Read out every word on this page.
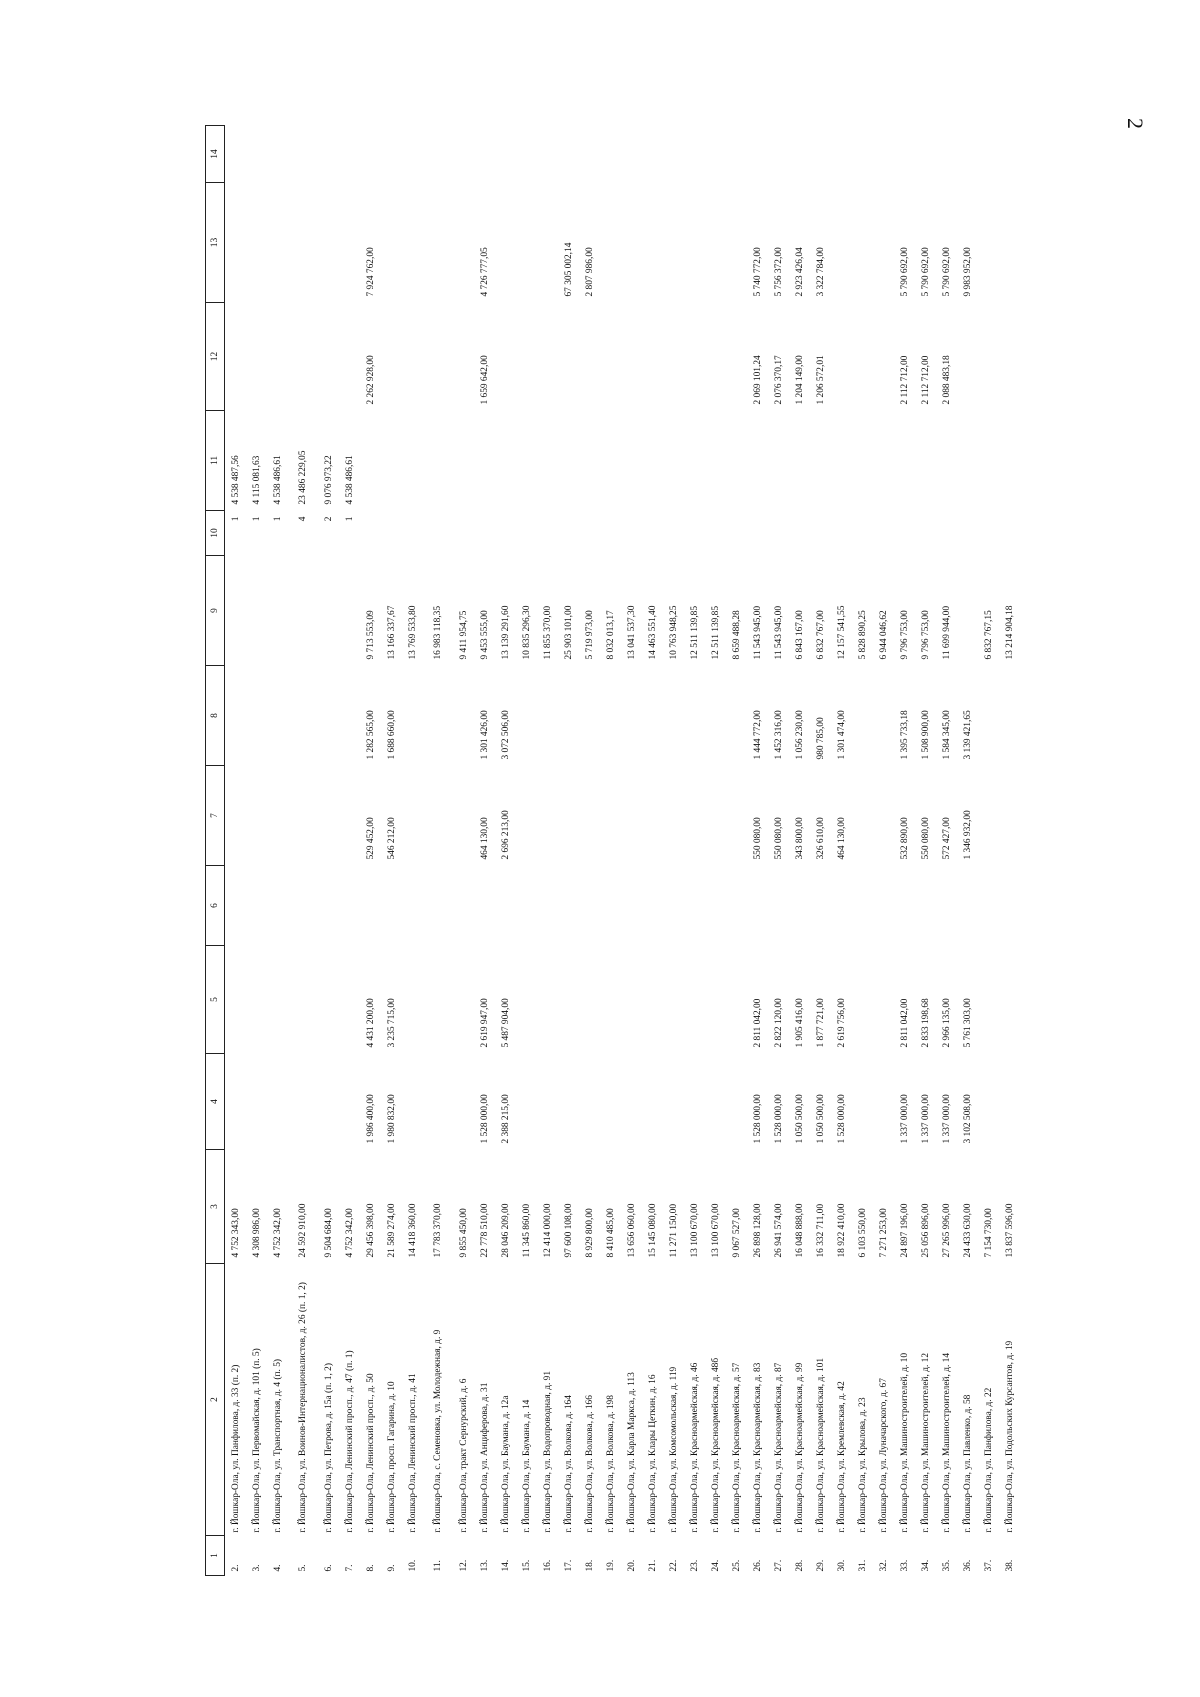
2
1	2	3	4	5	6	7	8	9	10	11	12	13	14
2.	г. Йошкар-Ола, ул. Панфилова, д. 33 (п. 2)	4 752 343,00							1	4 538 487,56			
3.	г. Йошкар-Ола, ул. Первомайская, д. 101 (п. 5)	4 308 986,00							1	4 115 081,63			
4.	г. Йошкар-Ола, ул. Транспортная, д. 4 (п. 5)	4 752 342,00							1	4 538 486,61			
5.	г. Йошкар-Ола, ул. Воинов-Интернационалистов, д. 26 (п. 1, 2)	24 592 910,00							4	23 486 229,05			
6.	г. Йошкар-Ола, ул. Петрова, д. 15а (п. 1, 2)	9 504 684,00							2	9 076 973,22			
7.	г. Йошкар-Ола, Ленинский просп., д. 47 (п. 1)	4 752 342,00							1	4 538 486,61			
8.	г. Йошкар-Ола, Ленинский просп., д. 50	29 456 398,00	1 986 400,00	4 431 200,00		529 452,00	1 282 565,00	9 713 553,09			2 262 928,00	7 924 762,00	
9.	г. Йошкар-Ола, просп. Гагарина, д. 10	21 589 274,00	1 980 832,00	3 235 715,00		546 212,00	1 688 660,00	13 166 337,67					
10.	г. Йошкар-Ола, Ленинский просп., д. 41	14 418 360,00						13 769 533,80					
11.	г. Йошкар-Ола, с. Семеновка, ул. Молодежная, д. 9	17 783 370,00						16 983 118,35					
12.	г. Йошкар-Ола, тракт Сернурский, д. 6	9 855 450,00						9 411 954,75					
13.	г. Йошкар-Ола, ул. Анциферова, д. 31	22 778 510,00	1 528 000,00	2 619 947,00		464 130,00	1 301 426,00	9 453 555,00			1 659 642,00	4 726 777,05	
14.	г. Йошкар-Ола, ул. Баумана, д. 12а	28 046 209,00	2 388 215,00	5 487 904,00		2 696 213,00	3 072 506,00	13 139 291,60					
15.	г. Йошкар-Ола, ул. Баумана, д. 14	11 345 860,00						10 835 296,30					
16.	г. Йошкар-Ола, ул. Водопроводная, д. 91	12 414 000,00						11 855 370,00					
17.	г. Йошкар-Ола, ул. Волкова, д. 164	97 600 108,00						25 903 101,00				67 305 002,14	
18.	г. Йошкар-Ола, ул. Волкова, д. 166	8 929 800,00						5 719 973,00				2 807 986,00	
19.	г. Йошкар-Ола, ул. Волкова, д. 198	8 410 485,00						8 032 013,17					
20.	г. Йошкар-Ола, ул. Карла Маркса, д. 113	13 656 060,00						13 041 537,30					
21.	г. Йошкар-Ола, ул. Клары Цеткин, д. 16	15 145 080,00						14 463 551,40					
22.	г. Йошкар-Ола, ул. Комсомольская, д. 119	11 271 150,00						10 763 948,25					
23.	г. Йошкар-Ола, ул. Красноармейская, д. 46	13 100 670,00						12 511 139,85					
24.	г. Йошкар-Ола, ул. Красноармейская, д. 48б	13 100 670,00						12 511 139,85					
25.	г. Йошкар-Ола, ул. Красноармейская, д. 57	9 067 527,00						8 659 488,28					
26.	г. Йошкар-Ола, ул. Красноармейская, д. 83	26 898 128,00	1 528 000,00	2 811 042,00		550 080,00	1 444 772,00	11 543 945,00			2 069 101,24	5 740 772,00	
27.	г. Йошкар-Ола, ул. Красноармейская, д. 87	26 941 574,00	1 528 000,00	2 822 120,00		550 080,00	1 452 316,00	11 543 945,00			2 076 370,17	5 756 372,00	
28.	г. Йошкар-Ола, ул. Красноармейская, д. 99	16 048 888,00	1 050 500,00	1 905 416,00		343 800,00	1 056 230,00	6 843 167,00			1 204 149,00	2 923 426,04	
29.	г. Йошкар-Ола, ул. Красноармейская, д. 101	16 332 711,00	1 050 500,00	1 877 721,00		326 610,00	980 785,00	6 832 767,00			1 206 572,01	3 322 784,00	
30.	г. Йошкар-Ола, ул. Кремлевская, д. 42	18 922 410,00	1 528 000,00	2 619 756,00		464 130,00	1 301 474,00	12 157 541,55					
31.	г. Йошкар-Ола, ул. Крылова, д. 23	6 103 550,00						5 828 890,25					
32.	г. Йошкар-Ола, ул. Луначарского, д. 67	7 271 253,00						6 944 046,62					
33.	г. Йошкар-Ола, ул. Машиностроителей, д. 10	24 897 196,00	1 337 000,00	2 811 042,00		532 890,00	1 395 733,18	9 796 753,00			2 112 712,00	5 790 692,00	
34.	г. Йошкар-Ола, ул. Машиностроителей, д. 12	25 056 896,00	1 337 000,00	2 833 198,68		550 080,00	1 508 900,00	9 796 753,00			2 112 712,00	5 790 692,00	
35.	г. Йошкар-Ола, ул. Машиностроителей, д. 14	27 265 996,00	1 337 000,00	2 966 135,00		572 427,00	1 584 345,00	11 699 944,00			2 088 483,18	5 790 692,00	
36.	г. Йошкар-Ола, ул. Павленко, д. 58	24 433 630,00	3 102 508,00	5 761 303,00		1 346 932,00	3 139 421,65					9 983 952,00	
37.	г. Йошкар-Ола, ул. Панфилова, д. 22	7 154 730,00						6 832 767,15					
38.	г. Йошкар-Ола, ул. Подольских Курсантов, д. 19	13 837 596,00						13 214 904,18					
